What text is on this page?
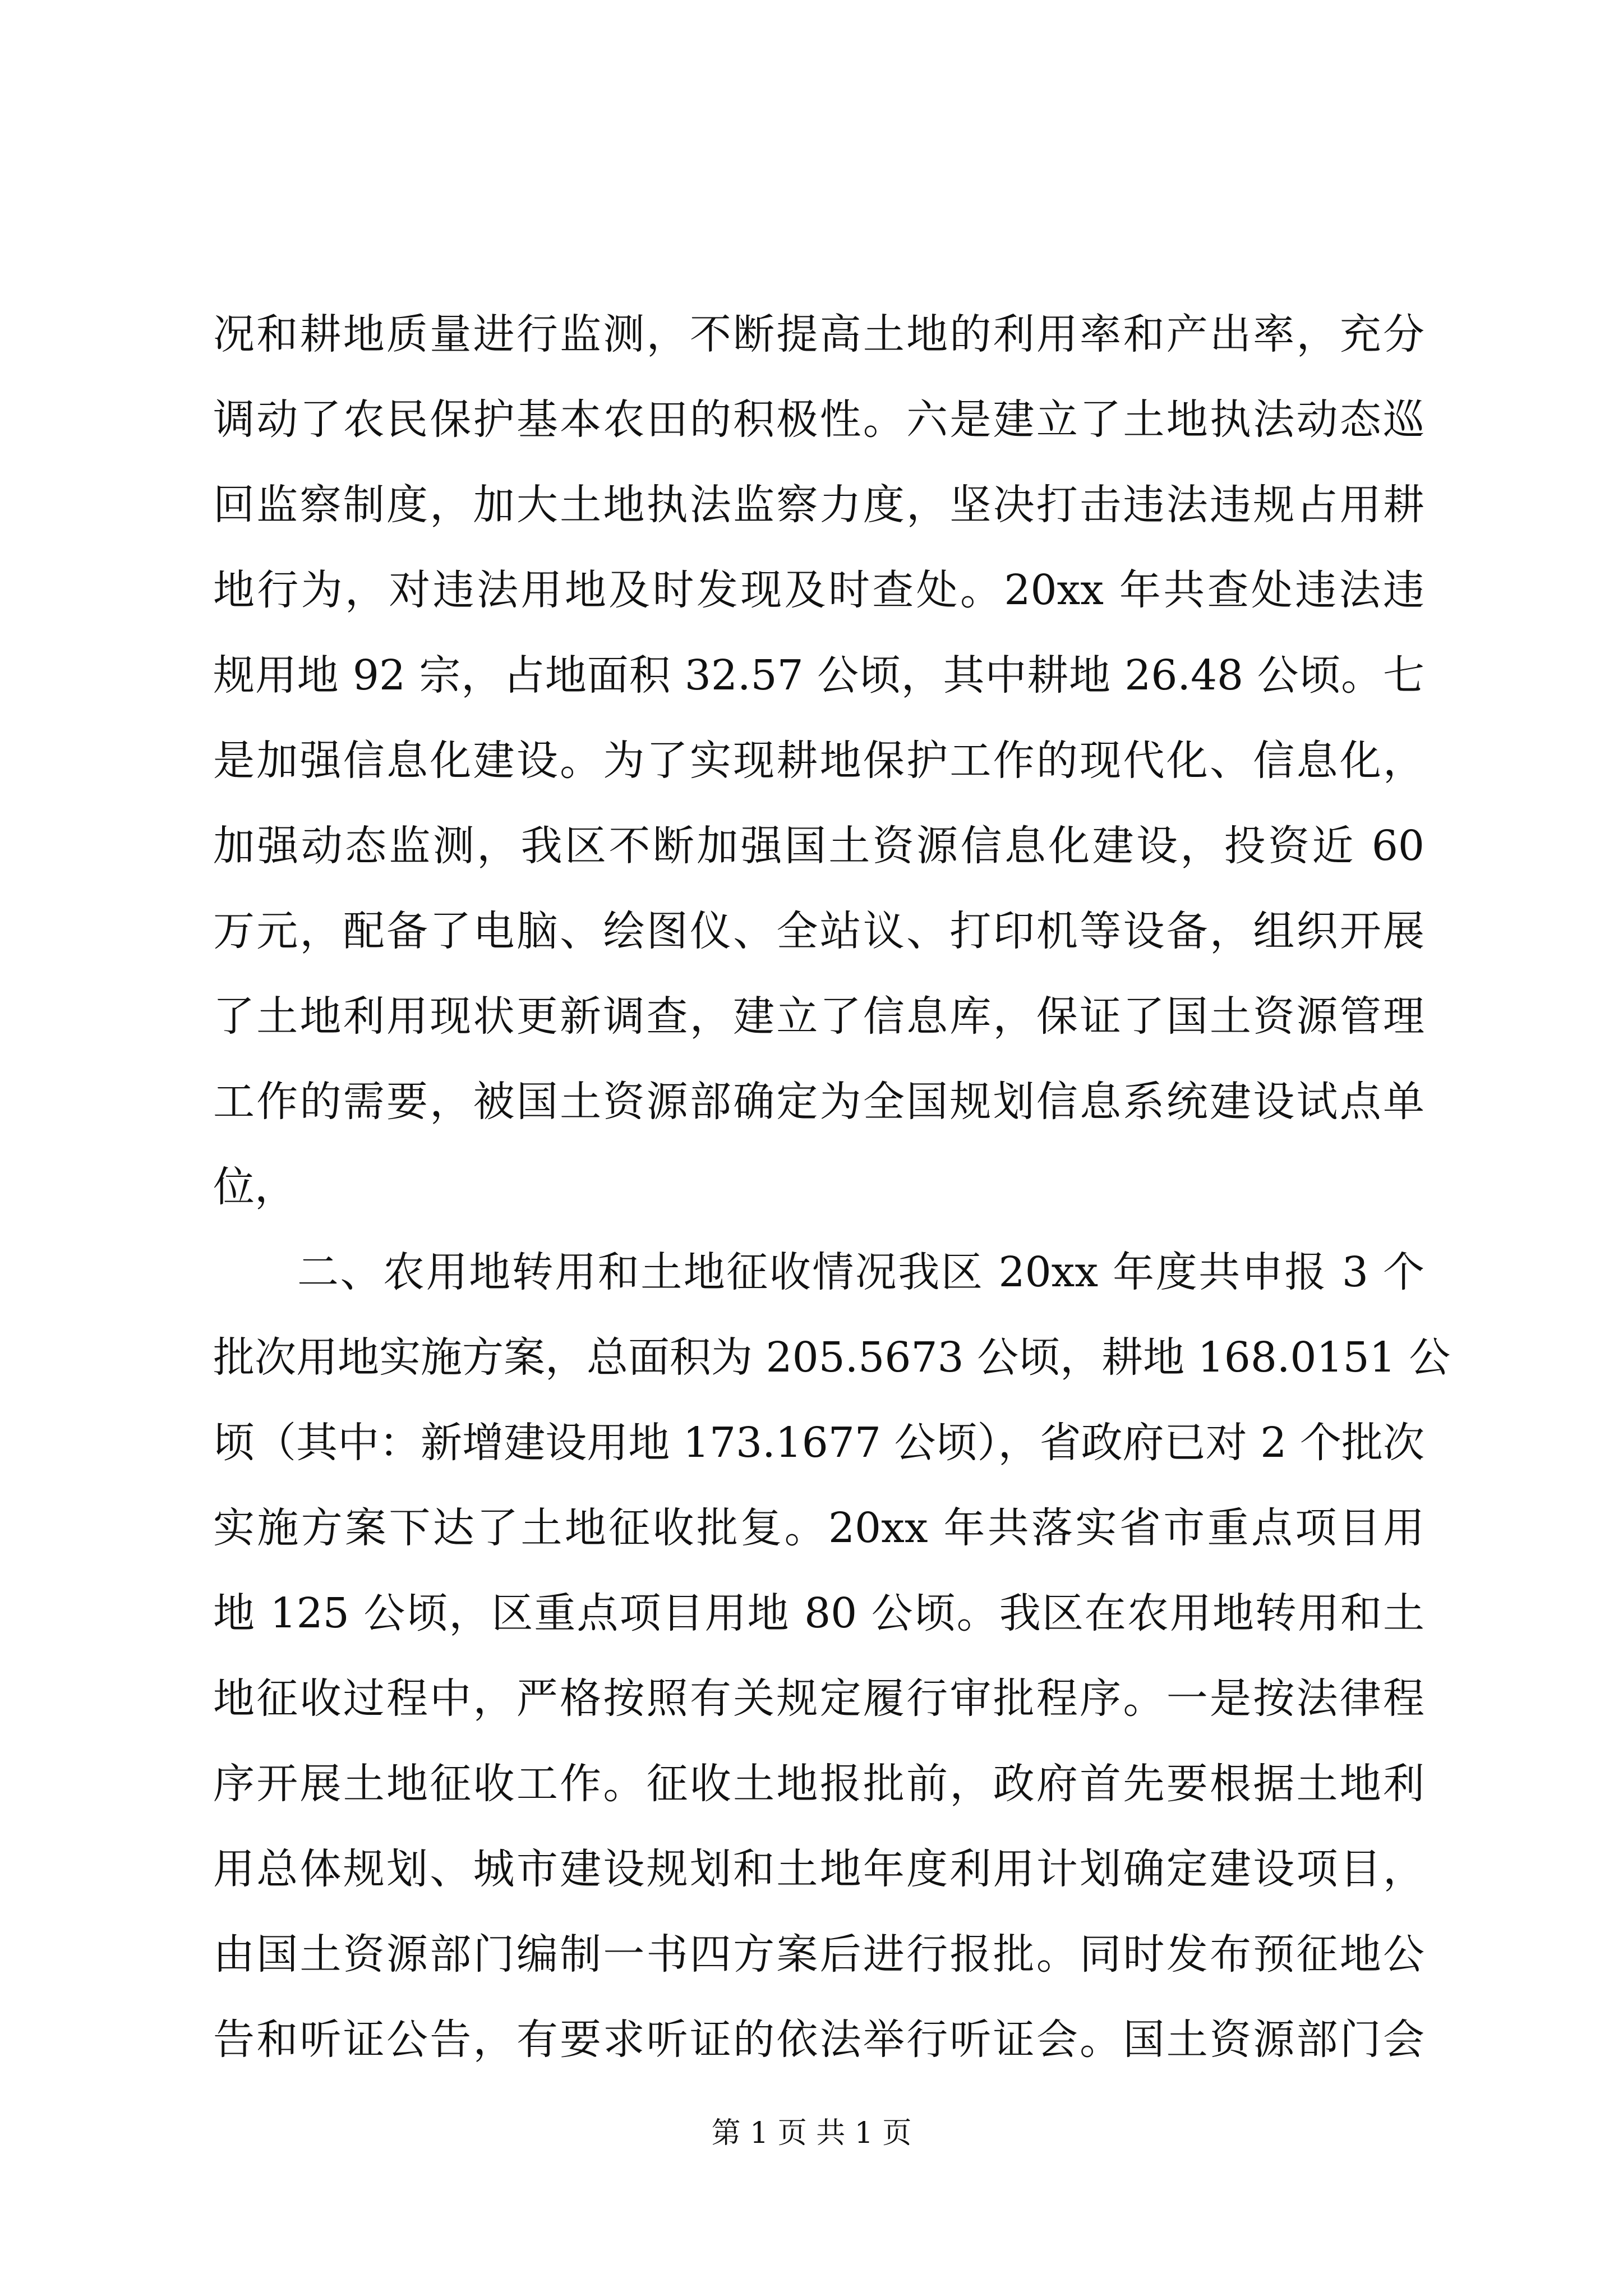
况和耕地质量进行监测，不断提高土地的利用率和产出率，充分
调动了农民保护基本农田的积极性。六是建立了土地执法动态巡
回监察制度，加大土地执法监察力度，坚决打击违法违规占用耕
地行为，对违法用地及时发现及时查处。20xx 年共查处违法违
规用地 92 宗，占地面积 32.57 公顷，其中耕地 26.48 公顷。七
是加强信息化建设。为了实现耕地保护工作的现代化、信息化，
加强动态监测，我区不断加强国土资源信息化建设，投资近 60
万元，配备了电脑、绘图仪、全站议、打印机等设备，组织开展
了土地利用现状更新调查，建立了信息库，保证了国土资源管理
工作的需要，被国土资源部确定为全国规划信息系统建设试点单
位，
二、农用地转用和土地征收情况我区 20xx 年度共申报 3 个
批次用地实施方案，总面积为 205.5673 公顷，耕地 168.0151 公
顷（其中：新增建设用地 173.1677 公顷），省政府已对 2 个批次
实施方案下达了土地征收批复。20xx 年共落实省市重点项目用
地 125 公顷，区重点项目用地 80 公顷。我区在农用地转用和土
地征收过程中，严格按照有关规定履行审批程序。一是按法律程
序开展土地征收工作。征收土地报批前，政府首先要根据土地利
用总体规划、城市建设规划和土地年度利用计划确定建设项目，
由国土资源部门编制一书四方案后进行报批。同时发布预征地公
告和听证公告，有要求听证的依法举行听证会。国土资源部门会
第 1 页 共 1 页
